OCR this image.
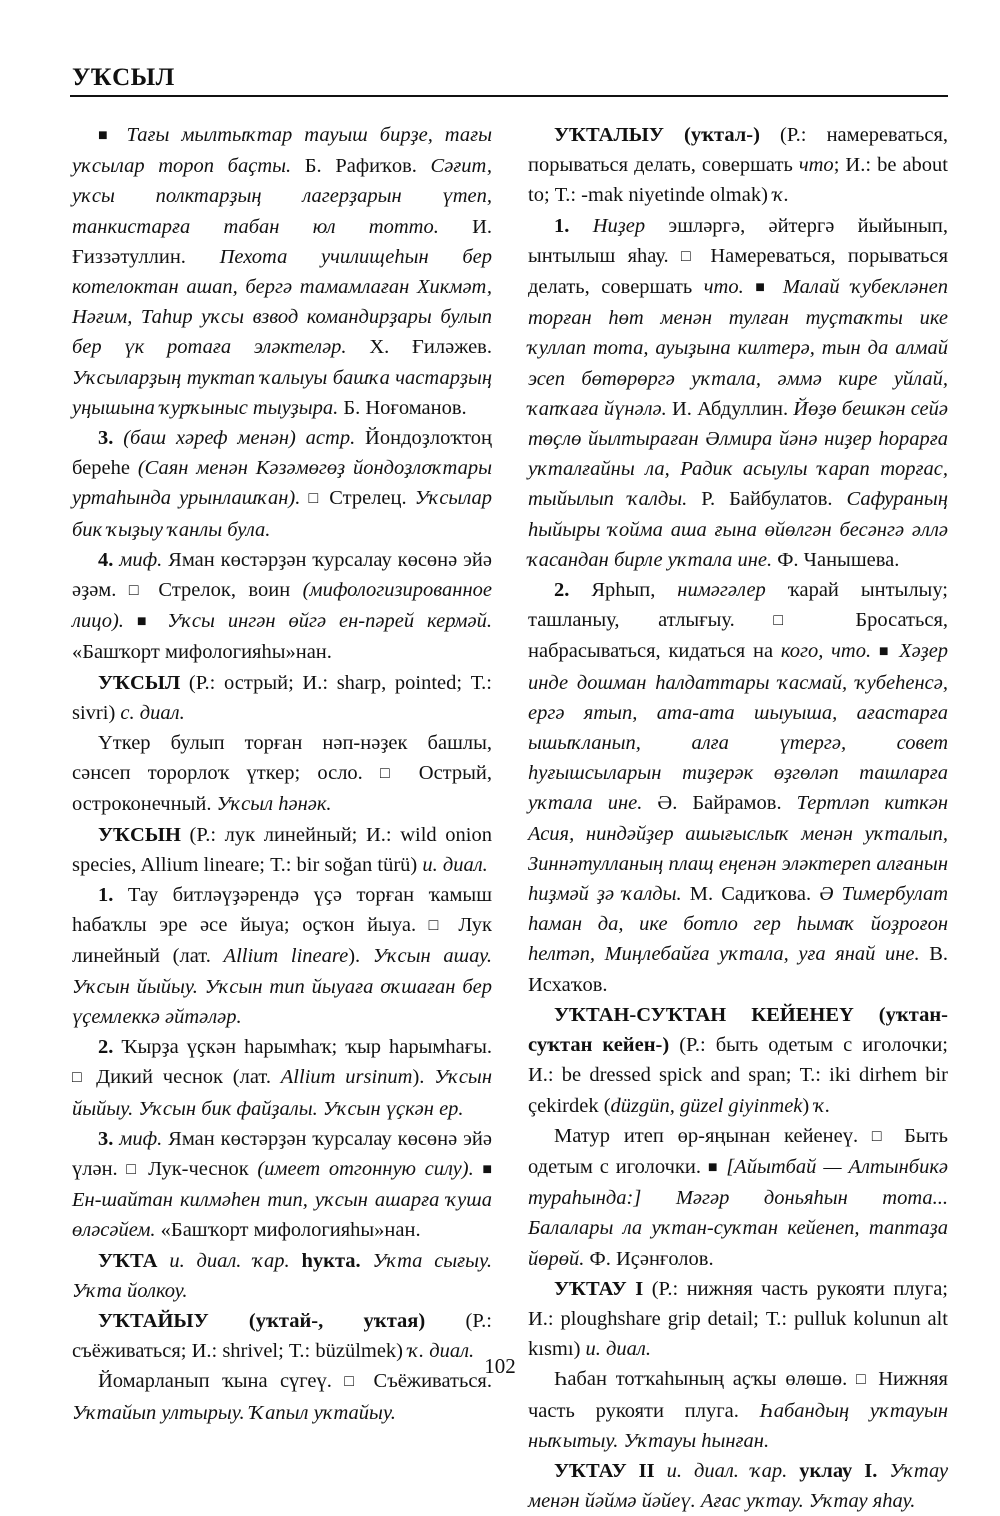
УҠСЫЛ

■ Тағы мылтыҡтар тауыш бирҙе, тағы уҡсылар тороп баҫты. Б. Рафиҡов. Сәғит, уҡсы полктарҙың лагерҙарын үтеп, танкистарға табан юл тотто. И. Ғиззәтуллин. Пехота училищеһын бер котелоктан ашап, бергә тамамлаған Хикмәт, Нәғим, Таһир уҡсы взвод командирҙары булып бер үк ротаға эләктеләр. Х. Ғиләжев. Уҡсыларҙың туктап ҡалыуы башҡа частарҙың уңышына ҡурҡыныс тыуҙыра. Б. Ноғоманов.

3. (баш хәреф менән) астр. Йондоҙлоҡтоң береһе (Саян менән Кәзәмөгөҙ йондоҙлоҡтары уртаһында урынлашҡан). □ Стрелец. Уҡсылар бик ҡыҙыу ҡанлы була.

4. миф. Яман көстәрҙән ҡурсалау көсөнә эйә әҙәм. □ Стрелок, воин (мифологизированное лицо). ■ Уҡсы ингән өйгә ен-пәрей кермәй. «Башҡорт мифологияһы»нан.

УҠСЫЛ (Р.: острый; И.: sharp, pointed; Т.: sivri) с. диал.

Үткер булып торған нәп-нәҙек башлы, сәнсеп торорлоҡ үткер; осло. □ Острый, остроконечный. Уҡсыл һәнәк.

УҠСЫН (Р.: лук линейный; И.: wild onion species, Allium lineare; Т.: bir soğan türü) и. диал.

1. Тау битләүҙәрендә үҫә торған ҡамыш һабаҡлы эре әсе йыуа; оҫҡон йыуа. □ Лук линейный (лат. Allium lineare). Уҡсын ашау. Уҡсын йыйыу. Уҡсын тип йыуаға оҡшаған бер үҫемлеккә әйтәләр.

2. Ҡырҙа үҫкән һарымһаҡ; ҡыр һарымһағы. □ Дикий чеснок (лат. Allium ursinum). Уҡсын йыйыу. Уҡсын бик файҙалы. Уҡсын үҫкән ер.

3. миф. Яман көстәрҙән ҡурсалау көсөнә эйә үлән. □ Лук-чеснок (имеет отгонную силу). ■ Ен-шайтан килмәһен тип, уҡсын ашарға ҡуша өләсәйем. «Башҡорт мифологияһы»нан.

УҠТА и. диал. ҡар. һукта. Уҡта сығыу. Уҡта йолкоу.

УҠТАЙЫУ (уҡтай-, уҡтая) (Р.: съёживаться; И.: shrivel; Т.: büzülmek) ҡ. диал.

Йомарланып ҡына сүгеү. □ Съёживаться. Уҡтайып ултырыу. Ҡапыл уҡтайыу.

УҠТАЛЫУ (уҡтал-) (Р.: намереваться, порываться делать, совершать что; И.: be about to; Т.: -mak niyetinde olmak) ҡ.

1. Ниҙер эшләргә, әйтергә йыйынып, ынтылыш яһау. □ Намереваться, порываться делать, совершать что. ■ Малай ҡубекләнеп торған һөт менән тулған туҫтаҡты ике ҡуллап тота, ауыҙына килтерә, тын да алмай эсеп бөтөрөргә уҡтала, әммә кире уйлай, ҡапҡаға йүнәлә. И. Абдуллин. Йөҙө бешкән сейә төҫлө йылтыраған Әлмира йәнә ниҙер һорарға уҡталғайны ла, Радик асыулы ҡарап торғас, тыйылып ҡалды. Р. Байбулатов. Сафураның һыйыры ҡойма аша ғына өйөлгән бесәнгә әллә ҡасандан бирле уҡтала ине. Ф. Чанышева.

2. Ярһып, нимәгәлер ҡарай ынтылыу; ташланыу, атлығыу. □ Бросаться, набрасываться, кидаться на кого, что. ■ Хәҙер инде дошман һалдаттары ҡасмай, ҡубеһенсә, ергә ятып, ата-ата шыуыша, ағастарға ышыҡланып, алға үтергә, совет һуғышсыларын тиҙерәк өҙгөләп ташларға уҡтала ине. Ә. Байрамов. Тертләп киткән Асия, ниндәйҙер ашығыслыҡ менән уҡталып, Зиннәтулланың плащ еңенән эләктереп алғанын һиҙмәй ҙә ҡалды. М. Садиҡова. Ә Тимербулат һаман да, ике ботло гер һымаҡ йоҙроғон һелтәп, Миңлебайға уҡтала, уға янай ине. В. Исхаҡов.

УҠТАН-СУҠТАН КЕЙЕНЕҮ (уҡтан-суҡтан кейен-) (Р.: быть одетым с иголочки; И.: be dressed spick and span; Т.: iki dirhem bir çekirdek (düzgün, güzel giyinmek) ҡ.

Матур итеп өр-яңынан кейенеү. □ Быть одетым с иголочки. ■ [Айытбай — Алтынбикә турaһында:] Мәгәр доньяһын тота... Балалары ла уҡтан-суҡтан кейенеп, таптаҙа йөрөй. Ф. Иҫәнғолов.

УҠТАУ I (Р.: нижняя часть рукояти плуга; И.: ploughshare grip detail; Т.: pulluk kolunun alt kısmı) и. диал.

Һабан тотҡаһының аҫҡы өлөшө. □ Нижняя часть рукояти плуга. Һабандың уҡтауын ныҡытыу. Уҡтауы һынған.

УҠТАУ II и. диал. ҡар. уклау I. Уҡтау менән йәймә йәйеү. Ағас уҡтау. Уҡтау яһау.

102
